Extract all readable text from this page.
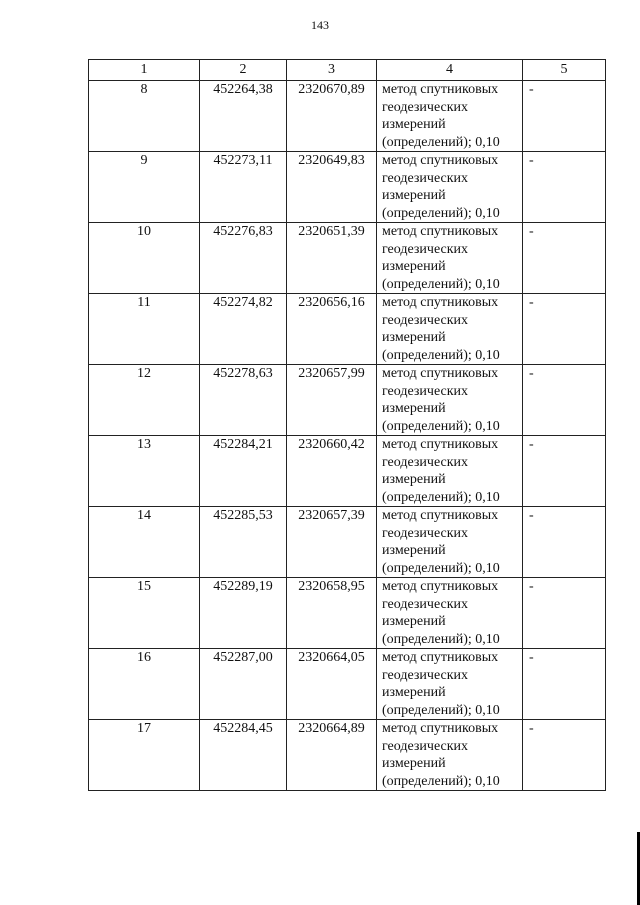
143
1	2	3	4	5
8	452264,38	2320670,89	метод спутниковых
геодезических
измерений
(определений); 0,10	-
9	452273,11	2320649,83	метод спутниковых
геодезических
измерений
(определений); 0,10	-
10	452276,83	2320651,39	метод спутниковых
геодезических
измерений
(определений); 0,10	-
11	452274,82	2320656,16	метод спутниковых
геодезических
измерений
(определений); 0,10	-
12	452278,63	2320657,99	метод спутниковых
геодезических
измерений
(определений); 0,10	-
13	452284,21	2320660,42	метод спутниковых
геодезических
измерений
(определений); 0,10	-
14	452285,53	2320657,39	метод спутниковых
геодезических
измерений
(определений); 0,10	-
15	452289,19	2320658,95	метод спутниковых
геодезических
измерений
(определений); 0,10	-
16	452287,00	2320664,05	метод спутниковых
геодезических
измерений
(определений); 0,10	-
17	452284,45	2320664,89	метод спутниковых
геодезических
измерений
(определений); 0,10	-
